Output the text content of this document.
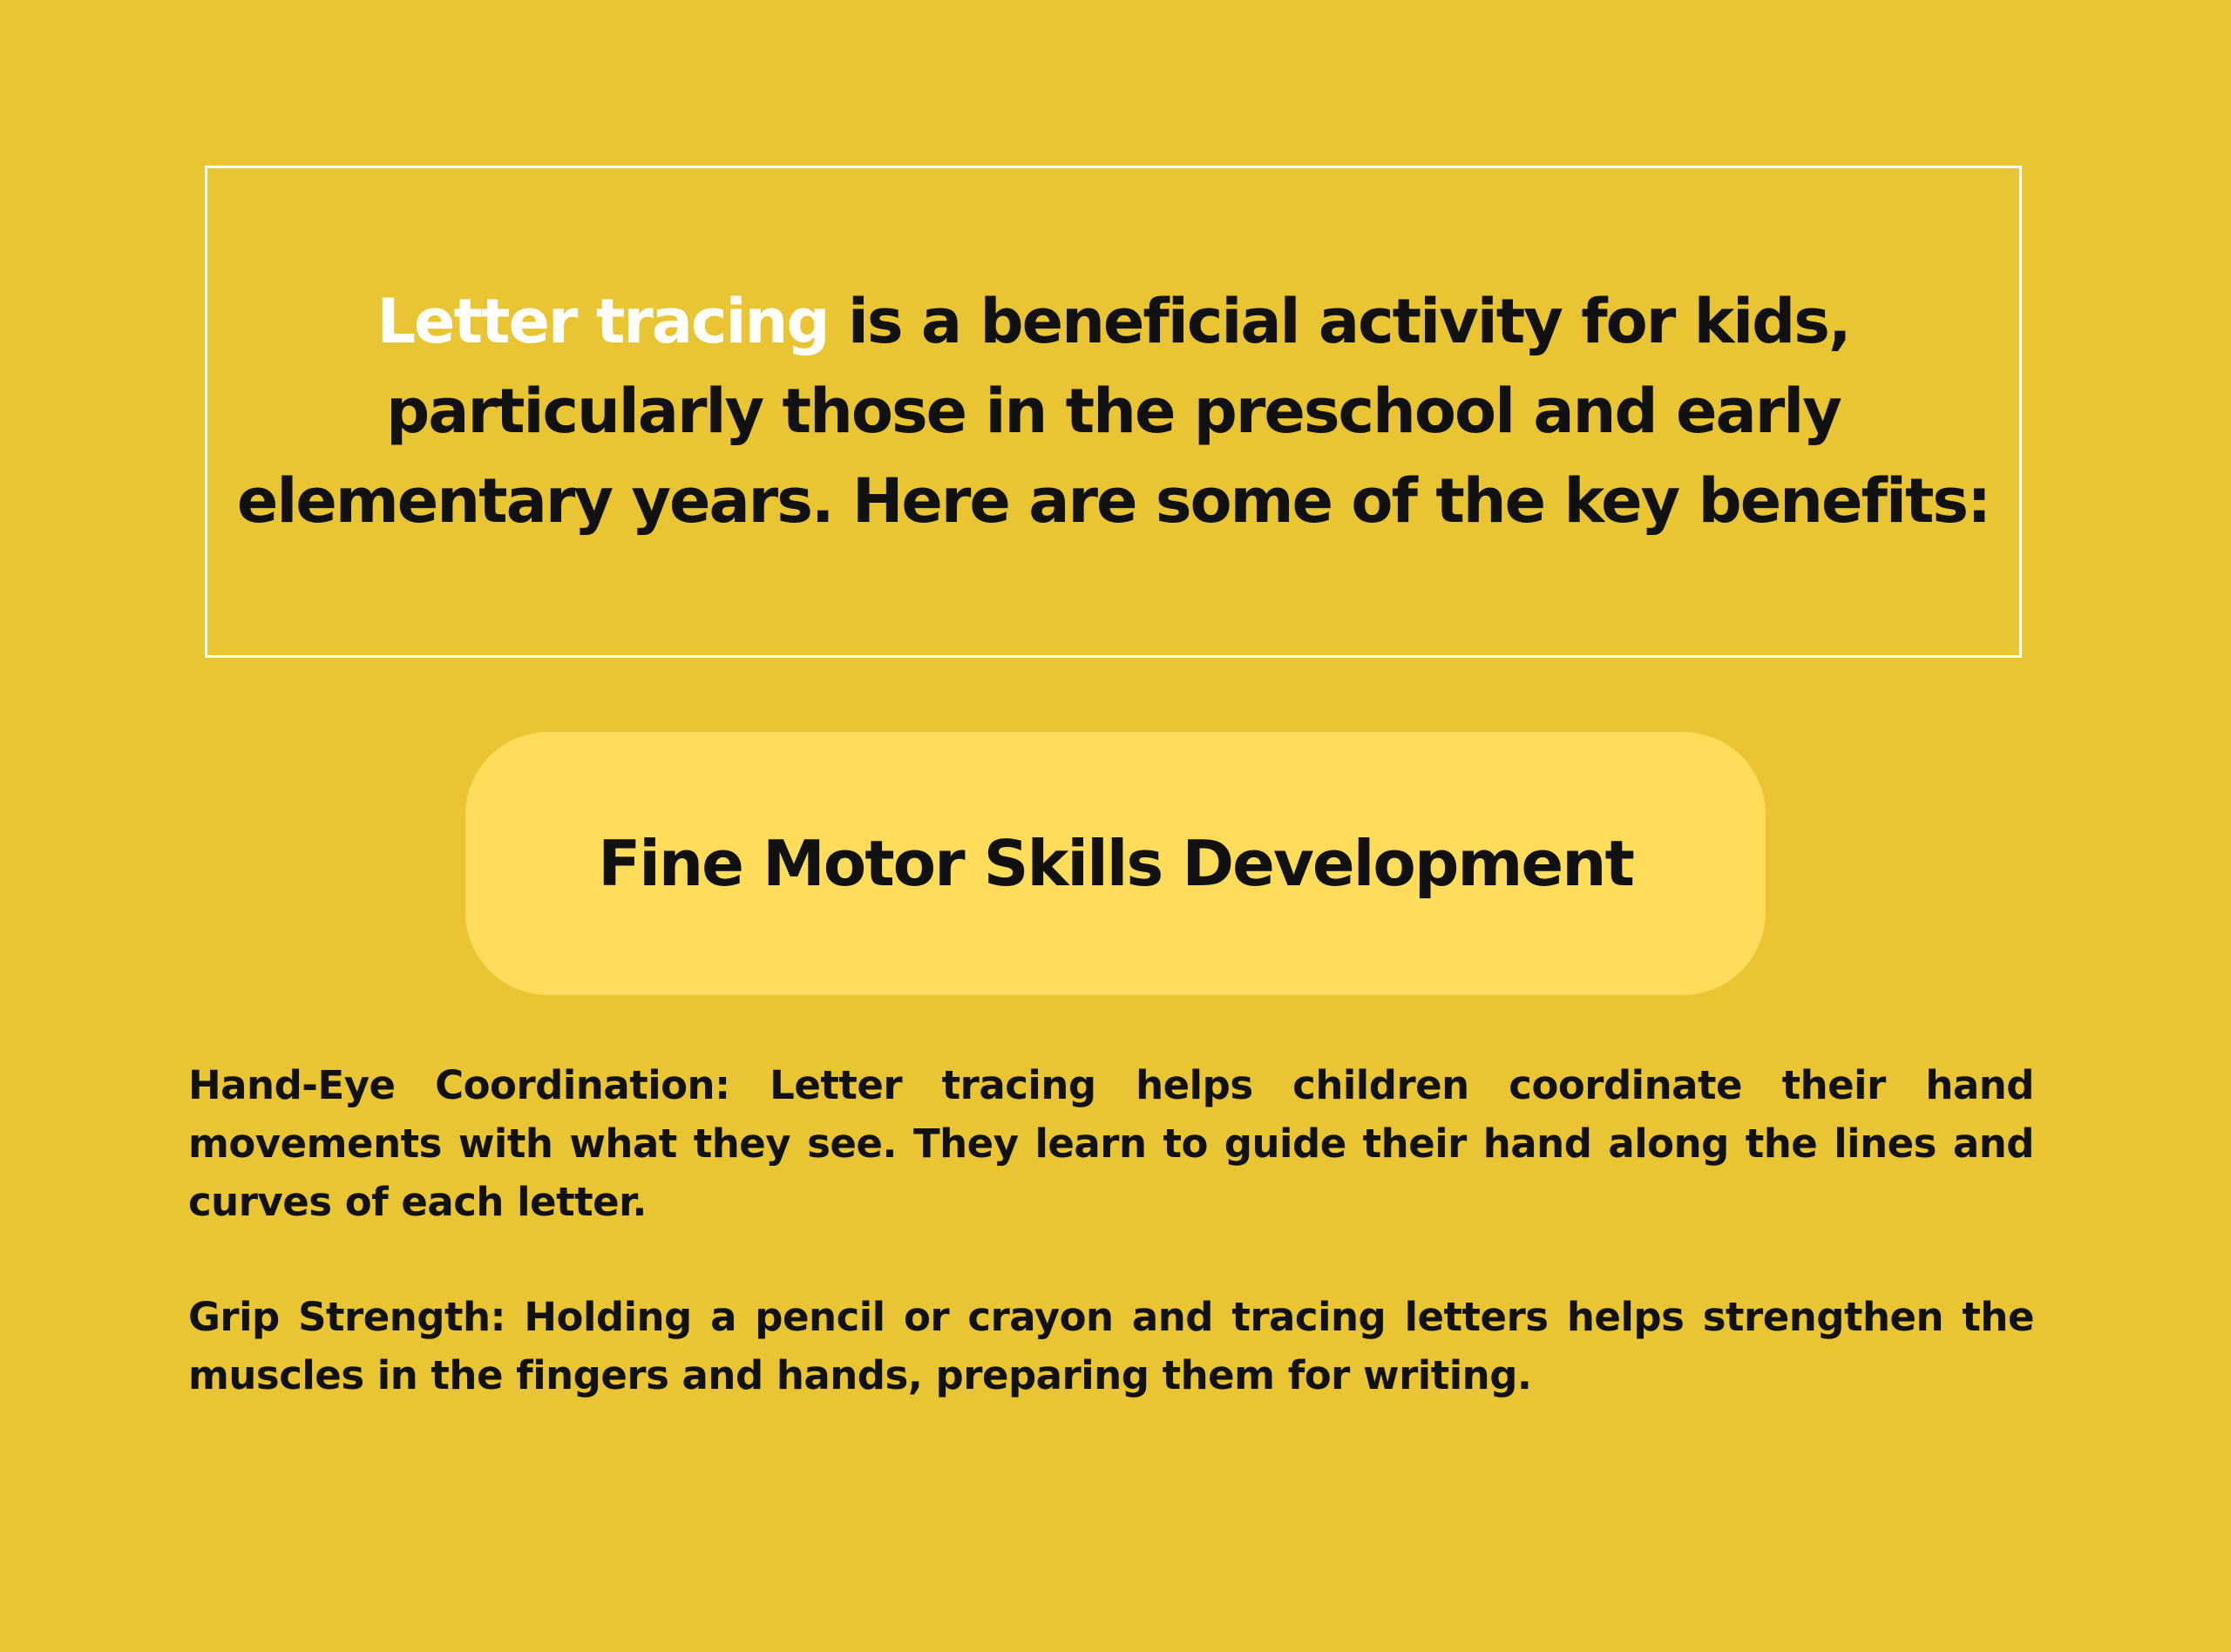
Letter tracing is a beneficial activity for kids, particularly those in the preschool and early elementary years. Here are some of the key benefits:

Fine Motor Skills Development

Hand-Eye Coordination: Letter tracing helps children coordinate their hand movements with what they see. They learn to guide their hand along the lines and curves of each letter.

Grip Strength: Holding a pencil or crayon and tracing letters helps strengthen the muscles in the fingers and hands, preparing them for writing.
